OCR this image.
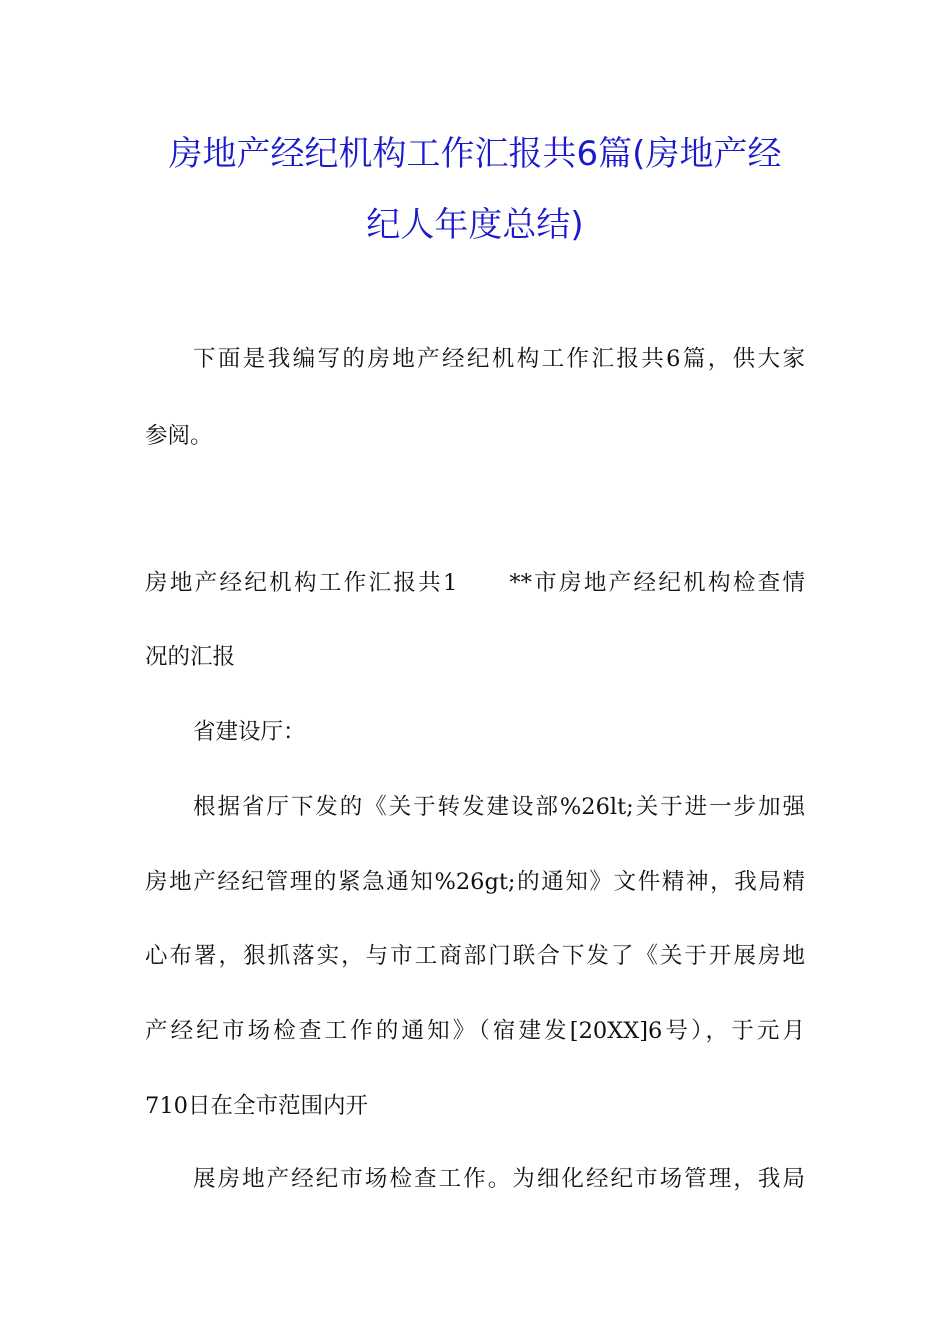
房地产经纪机构工作汇报共6篇(房地产经
纪人年度总结)
下面是我编写的房地产经纪机构工作汇报共6篇，供大家
参阅。
房地产经纪机构工作汇报共1　　**市房地产经纪机构检查情
况的汇报
省建设厅：
根据省厅下发的《关于转发建设部%26lt;关于进一步加强
房地产经纪管理的紧急通知%26gt;的通知》文件精神，我局精
心布署，狠抓落实，与市工商部门联合下发了《关于开展房地
产经纪市场检查工作的通知》（宿建发[20XX]6号），于元月
710日在全市范围内开
展房地产经纪市场检查工作。为细化经纪市场管理，我局
